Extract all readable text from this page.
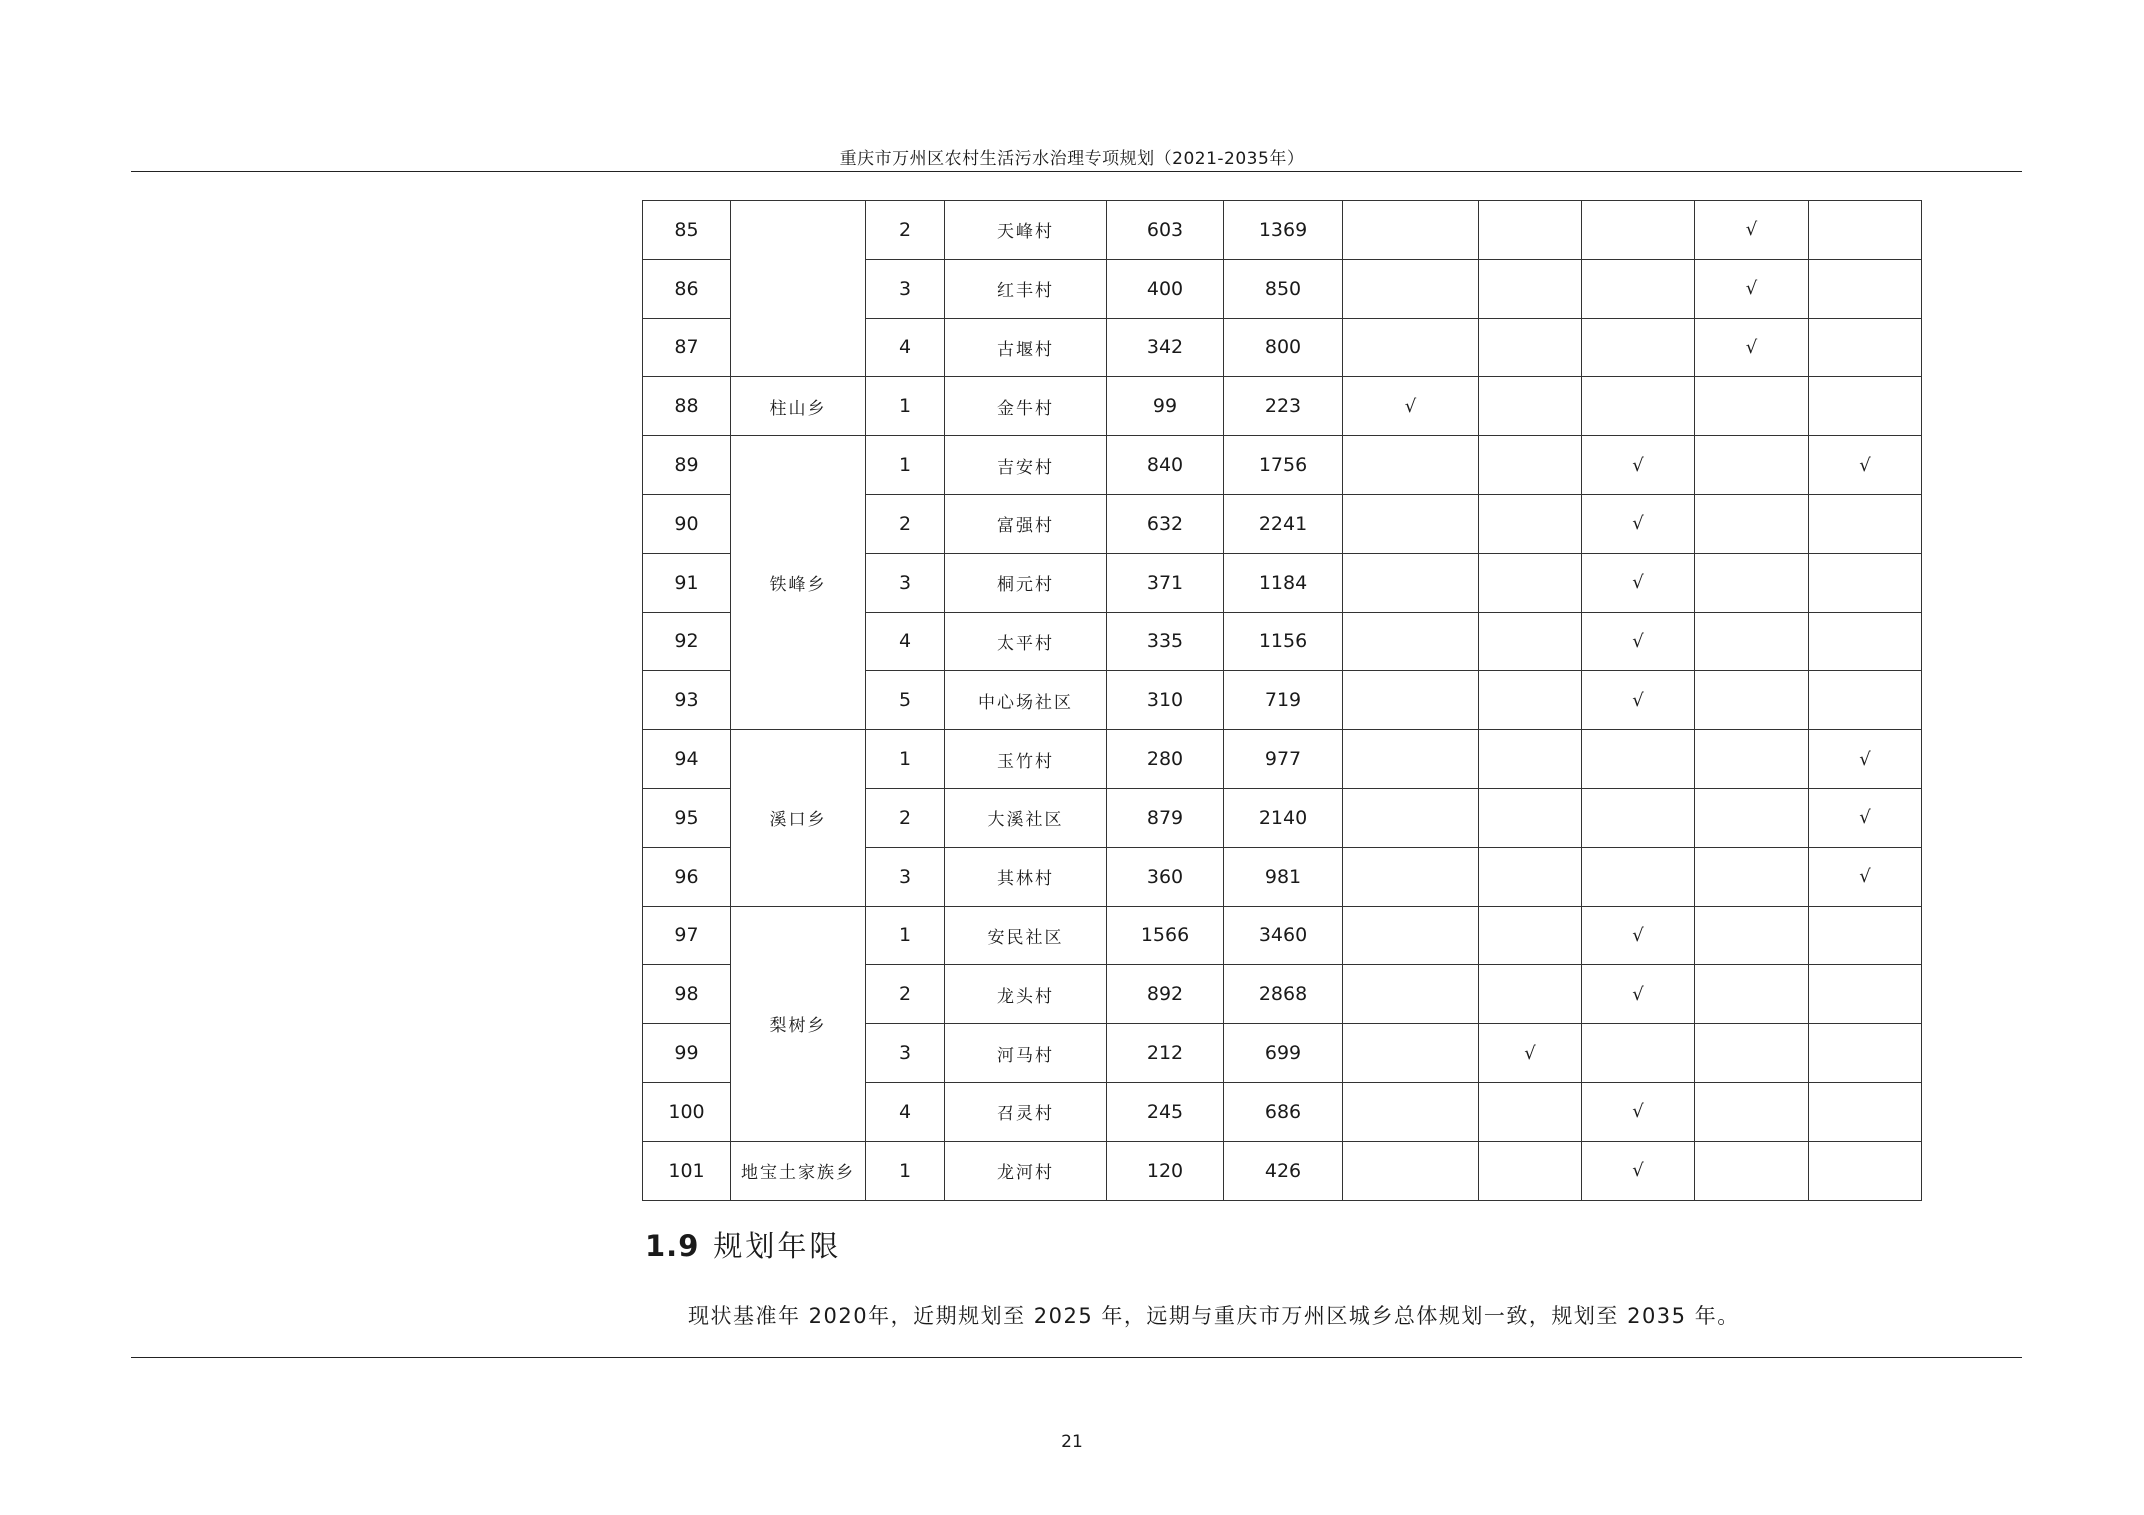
重庆市万州区农村生活污水治理专项规划（2021-2035年）
85		2	天峰村	603	1369				√	
86		3	红丰村	400	850				√	
87		4	古堰村	342	800				√	
88	柱山乡	1	金牛村	99	223	√				
89	铁峰乡	1	吉安村	840	1756			√		√
90		2	富强村	632	2241			√		
91		3	桐元村	371	1184			√		
92		4	太平村	335	1156			√		
93		5	中心场社区	310	719			√		
94	溪口乡	1	玉竹村	280	977					√
95		2	大溪社区	879	2140					√
96		3	其林村	360	981					√
97	梨树乡	1	安民社区	1566	3460			√		
98		2	龙头村	892	2868			√		
99		3	河马村	212	699		√			
100		4	召灵村	245	686			√		
101	地宝土家族乡	1	龙河村	120	426			√		
1.9 规划年限
现状基准年 2020年，近期规划至 2025 年，远期与重庆市万州区城乡总体规划一致，规划至 2035 年。
21
